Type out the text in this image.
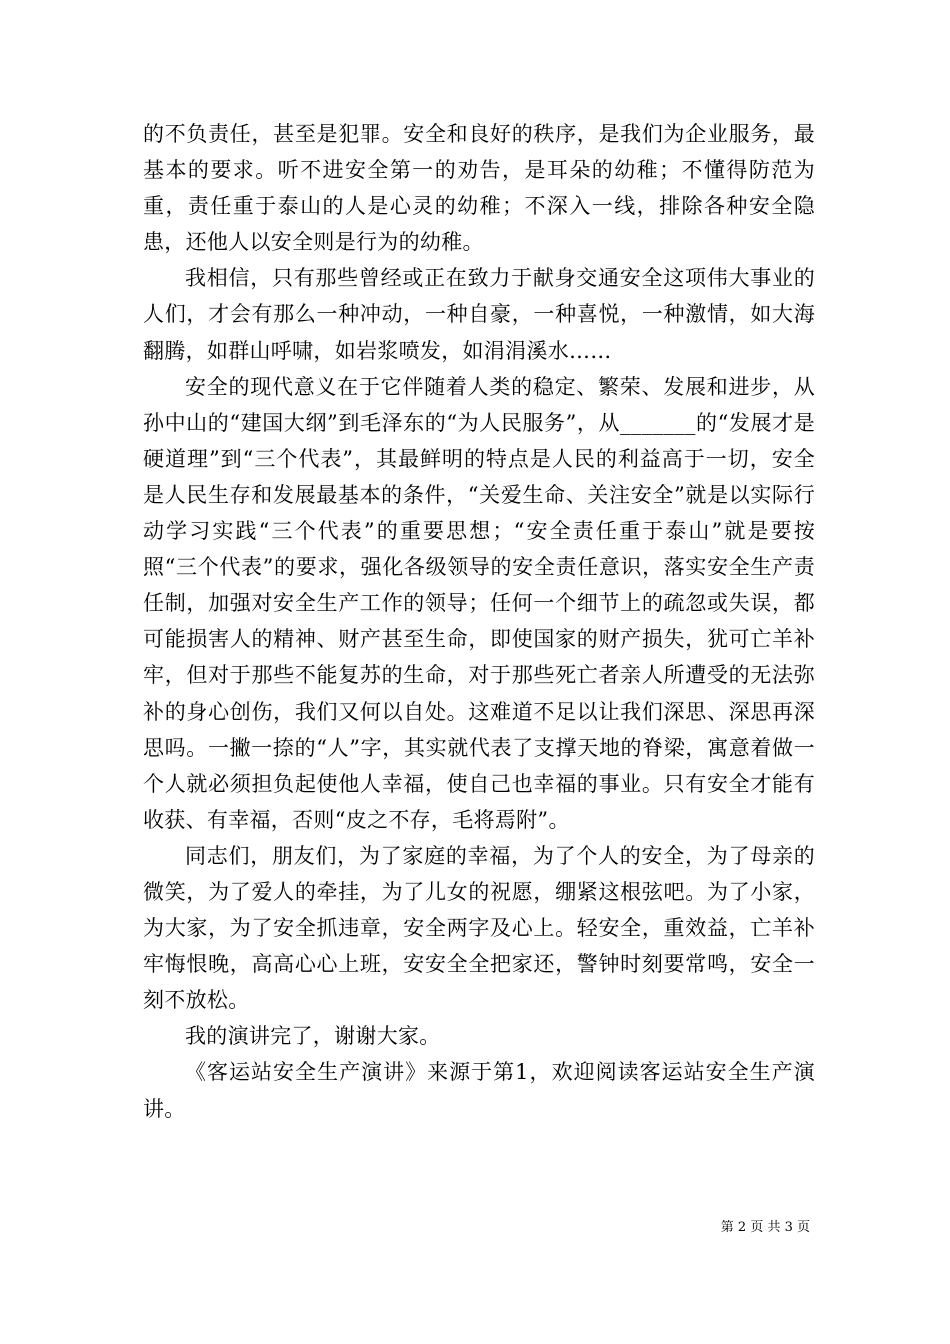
的不负责任，甚至是犯罪。安全和良好的秩序，是我们为企业服务，最基本的要求。听不进安全第一的劝告，是耳朵的幼稚；不懂得防范为重，责任重于泰山的人是心灵的幼稚；不深入一线，排除各种安全隐患，还他人以安全则是行为的幼稚。

我相信，只有那些曾经或正在致力于献身交通安全这项伟大事业的人们，才会有那么一种冲动，一种自豪，一种喜悦，一种激情，如大海翻腾，如群山呼啸，如岩浆喷发，如涓涓溪水……

安全的现代意义在于它伴随着人类的稳定、繁荣、发展和进步，从孙中山的“建国大纲”到毛泽东的“为人民服务”，从_______的“发展才是硬道理”到“三个代表”，其最鲜明的特点是人民的利益高于一切，安全是人民生存和发展最基本的条件，“关爱生命、关注安全”就是以实际行动学习实践“三个代表”的重要思想；“安全责任重于泰山”就是要按照“三个代表”的要求，强化各级领导的安全责任意识，落实安全生产责任制，加强对安全生产工作的领导；任何一个细节上的疏忽或失误，都可能损害人的精神、财产甚至生命，即使国家的财产损失，犹可亡羊补牢，但对于那些不能复苏的生命，对于那些死亡者亲人所遭受的无法弥补的身心创伤，我们又何以自处。这难道不足以让我们深思、深思再深思吗。一撇一捺的“人”字，其实就代表了支撑天地的脊梁，寓意着做一个人就必须担负起使他人幸福，使自己也幸福的事业。只有安全才能有收获、有幸福，否则“皮之不存，毛将焉附”。

同志们，朋友们，为了家庭的幸福，为了个人的安全，为了母亲的微笑，为了爱人的牵挂，为了儿女的祝愿，绷紧这根弦吧。为了小家，为大家，为了安全抓违章，安全两字及心上。轻安全，重效益，亡羊补牢悔恨晚，高高心心上班，安安全全把家还，警钟时刻要常鸣，安全一刻不放松。

我的演讲完了，谢谢大家。

《客运站安全生产演讲》来源于第1，欢迎阅读客运站安全生产演讲。

第 2 页 共 3 页
